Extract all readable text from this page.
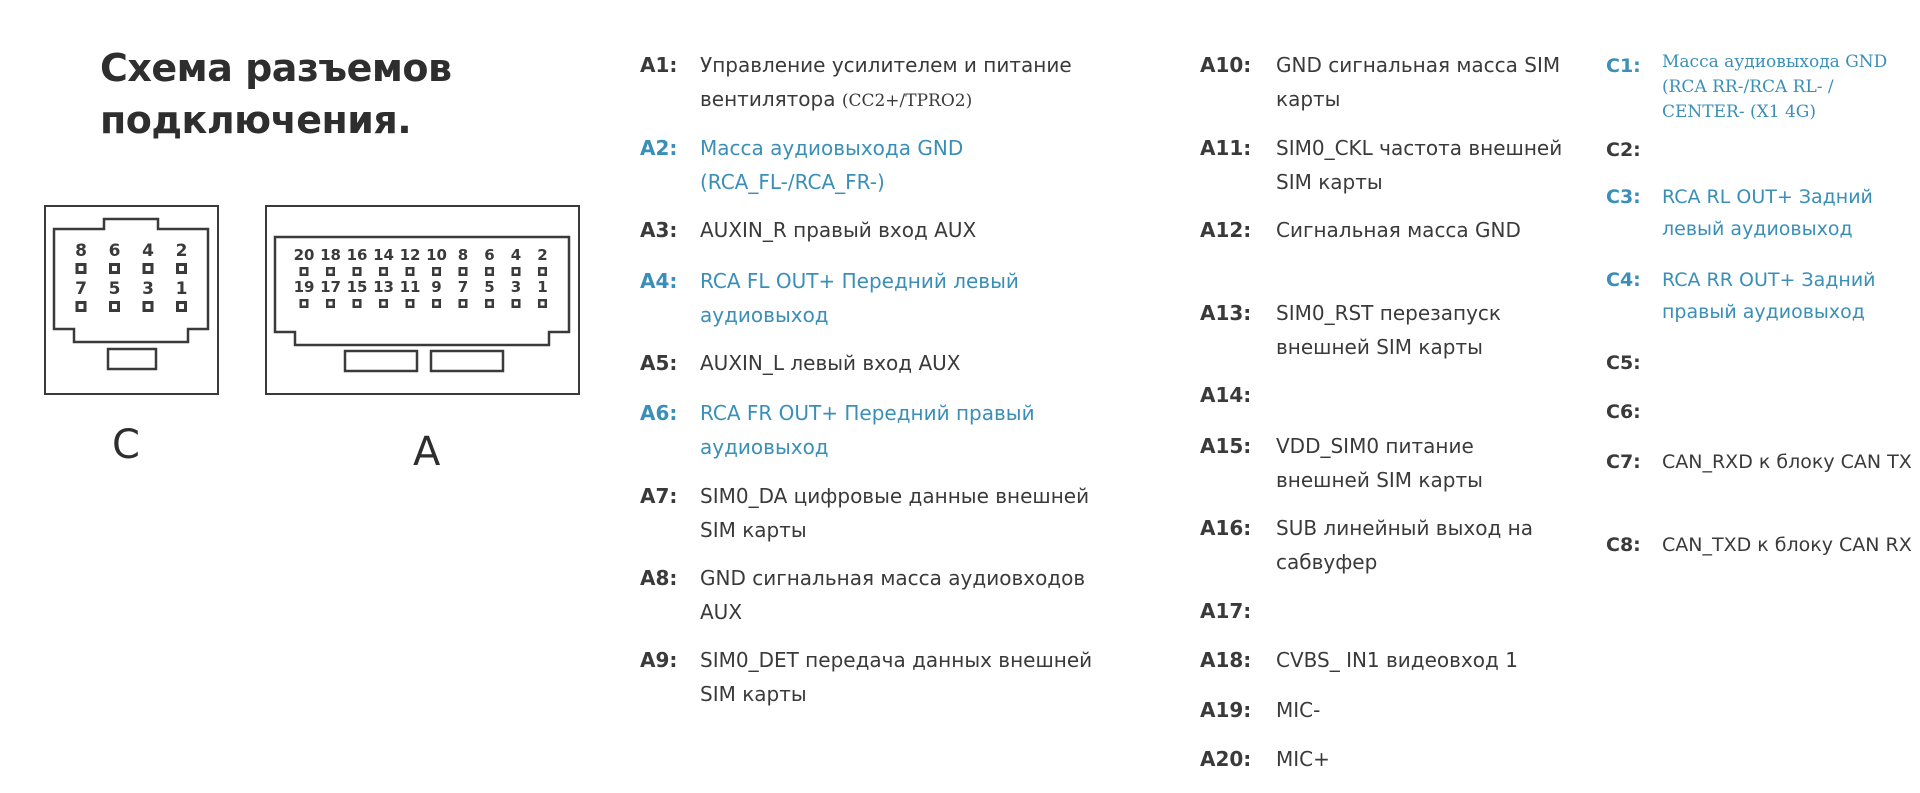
Схема разъемов
подключения.
8 6 4 2
7 5 3 1
C
20 18 16 14 12 10 8 6 4 2
19 17 15 13 11 9 7 5 3 1
A
A1:	Управление усилителем и питание вентилятора (CC2+/TPRO2)
A2:	Масса аудиовыхода GND (RCA_FL-/RCA_FR-)
A3:	AUXIN_R правый вход AUX
A4:	RCA FL OUT+ Передний левый аудиовыход
A5:	AUXIN_L левый вход AUX
A6:	RCA FR OUT+ Передний правый аудиовыход
A7:	SIM0_DA цифровые данные внешней SIM карты
A8:	GND сигнальная масса аудиовходов AUX
A9:	SIM0_DET передача данных внешней SIM карты
A10:	GND сигнальная масса SIM карты
A11:	SIM0_CKL частота внешней SIM карты
A12:	Сигнальная масса GND
A13:	SIM0_RST перезапуск внешней SIM карты
A14:
A15:	VDD_SIM0 питание внешней SIM карты
A16:	SUB линейный выход на сабвуфер
A17:
A18:	CVBS_ IN1 видеовход 1
A19:	MIC-
A20:	MIC+
C1:	Масса аудиовыхода GND (RCA RR-/RCA RL- / CENTER- (X1 4G)
C2:
C3:	RCA RL OUT+ Задний левый аудиовыход
C4:	RCA RR OUT+ Задний правый аудиовыход
C5:
C6:
C7:	CAN_RXD к блоку CAN TX
C8:	CAN_TXD к блоку CAN RX
